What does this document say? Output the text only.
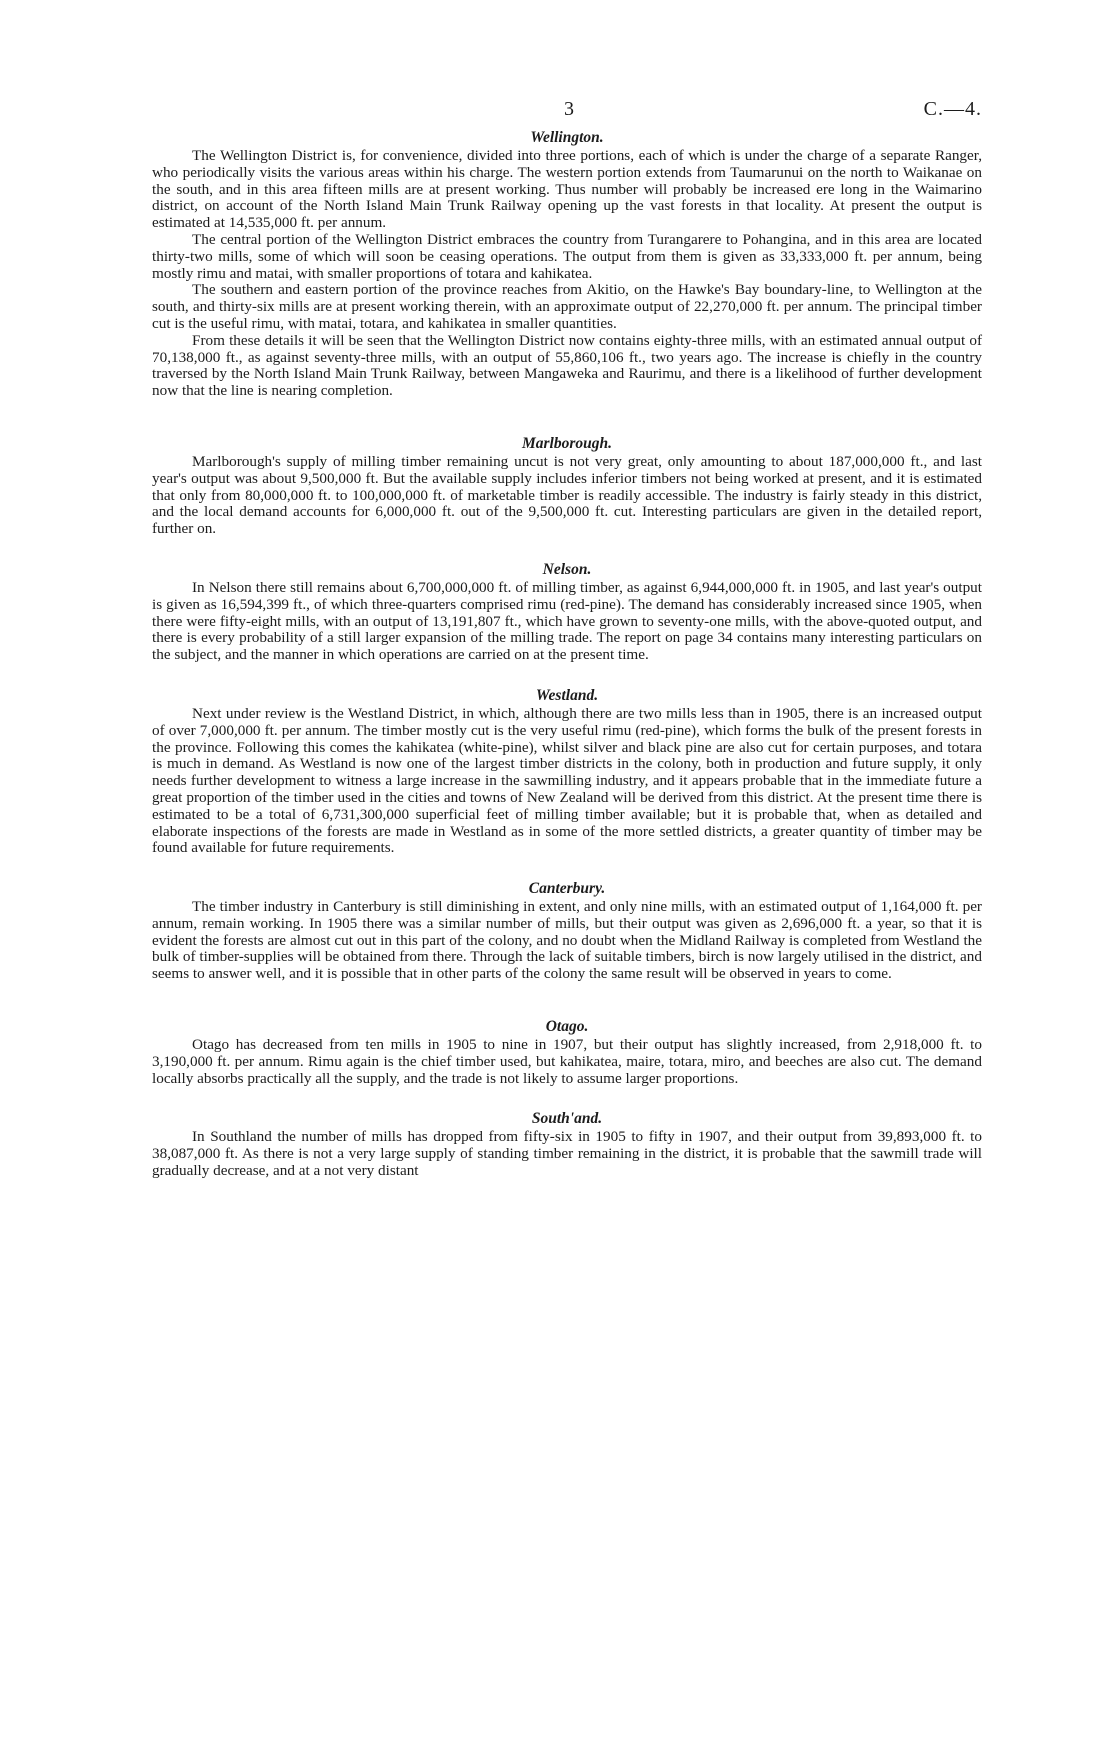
3	C.—4.
Wellington.

The Wellington District is, for convenience, divided into three portions, each of which is under the charge of a separate Ranger, who periodically visits the various areas within his charge. The western portion extends from Taumarunui on the north to Waikanae on the south, and in this area fifteen mills are at present working. Thus number will probably be increased ere long in the Waimarino district, on account of the North Island Main Trunk Railway opening up the vast forests in that locality. At present the output is estimated at 14,535,000 ft. per annum.

The central portion of the Wellington District embraces the country from Turangarere to Pohangina, and in this area are located thirty-two mills, some of which will soon be ceasing operations. The output from them is given as 33,333,000 ft. per annum, being mostly rimu and matai, with smaller proportions of totara and kahikatea.

The southern and eastern portion of the province reaches from Akitio, on the Hawke's Bay boundary-line, to Wellington at the south, and thirty-six mills are at present working therein, with an approximate output of 22,270,000 ft. per annum. The principal timber cut is the useful rimu, with matai, totara, and kahikatea in smaller quantities.

From these details it will be seen that the Wellington District now contains eighty-three mills, with an estimated annual output of 70,138,000 ft., as against seventy-three mills, with an output of 55,860,106 ft., two years ago. The increase is chiefly in the country traversed by the North Island Main Trunk Railway, between Mangaweka and Raurimu, and there is a likelihood of further development now that the line is nearing completion.

Marlborough.

Marlborough's supply of milling timber remaining uncut is not very great, only amounting to about 187,000,000 ft., and last year's output was about 9,500,000 ft. But the available supply includes inferior timbers not being worked at present, and it is estimated that only from 80,000,000 ft. to 100,000,000 ft. of marketable timber is readily accessible. The industry is fairly steady in this district, and the local demand accounts for 6,000,000 ft. out of the 9,500,000 ft. cut. Interesting particulars are given in the detailed report, further on.

Nelson.

In Nelson there still remains about 6,700,000,000 ft. of milling timber, as against 6,944,000,000 ft. in 1905, and last year's output is given as 16,594,399 ft., of which three-quarters comprised rimu (red-pine). The demand has considerably increased since 1905, when there were fifty-eight mills, with an output of 13,191,807 ft., which have grown to seventy-one mills, with the above-quoted output, and there is every probability of a still larger expansion of the milling trade. The report on page 34 contains many interesting particulars on the subject, and the manner in which operations are carried on at the present time.

Westland.

Next under review is the Westland District, in which, although there are two mills less than in 1905, there is an increased output of over 7,000,000 ft. per annum. The timber mostly cut is the very useful rimu (red-pine), which forms the bulk of the present forests in the province. Following this comes the kahikatea (white-pine), whilst silver and black pine are also cut for certain purposes, and totara is much in demand. As Westland is now one of the largest timber districts in the colony, both in production and future supply, it only needs further development to witness a large increase in the sawmilling industry, and it appears probable that in the immediate future a great proportion of the timber used in the cities and towns of New Zealand will be derived from this district. At the present time there is estimated to be a total of 6,731,300,000 superficial feet of milling timber available; but it is probable that, when as detailed and elaborate inspections of the forests are made in Westland as in some of the more settled districts, a greater quantity of timber may be found available for future requirements.

Canterbury.

The timber industry in Canterbury is still diminishing in extent, and only nine mills, with an estimated output of 1,164,000 ft. per annum, remain working. In 1905 there was a similar number of mills, but their output was given as 2,696,000 ft. a year, so that it is evident the forests are almost cut out in this part of the colony, and no doubt when the Midland Railway is completed from Westland the bulk of timber-supplies will be obtained from there. Through the lack of suitable timbers, birch is now largely utilised in the district, and seems to answer well, and it is possible that in other parts of the colony the same result will be observed in years to come.

Otago.

Otago has decreased from ten mills in 1905 to nine in 1907, but their output has slightly increased, from 2,918,000 ft. to 3,190,000 ft. per annum. Rimu again is the chief timber used, but kahikatea, maire, totara, miro, and beeches are also cut. The demand locally absorbs practically all the supply, and the trade is not likely to assume larger proportions.

South'and.

In Southland the number of mills has dropped from fifty-six in 1905 to fifty in 1907, and their output from 39,893,000 ft. to 38,087,000 ft. As there is not a very large supply of standing timber remaining in the district, it is probable that the sawmill trade will gradually decrease, and at a not very distant
